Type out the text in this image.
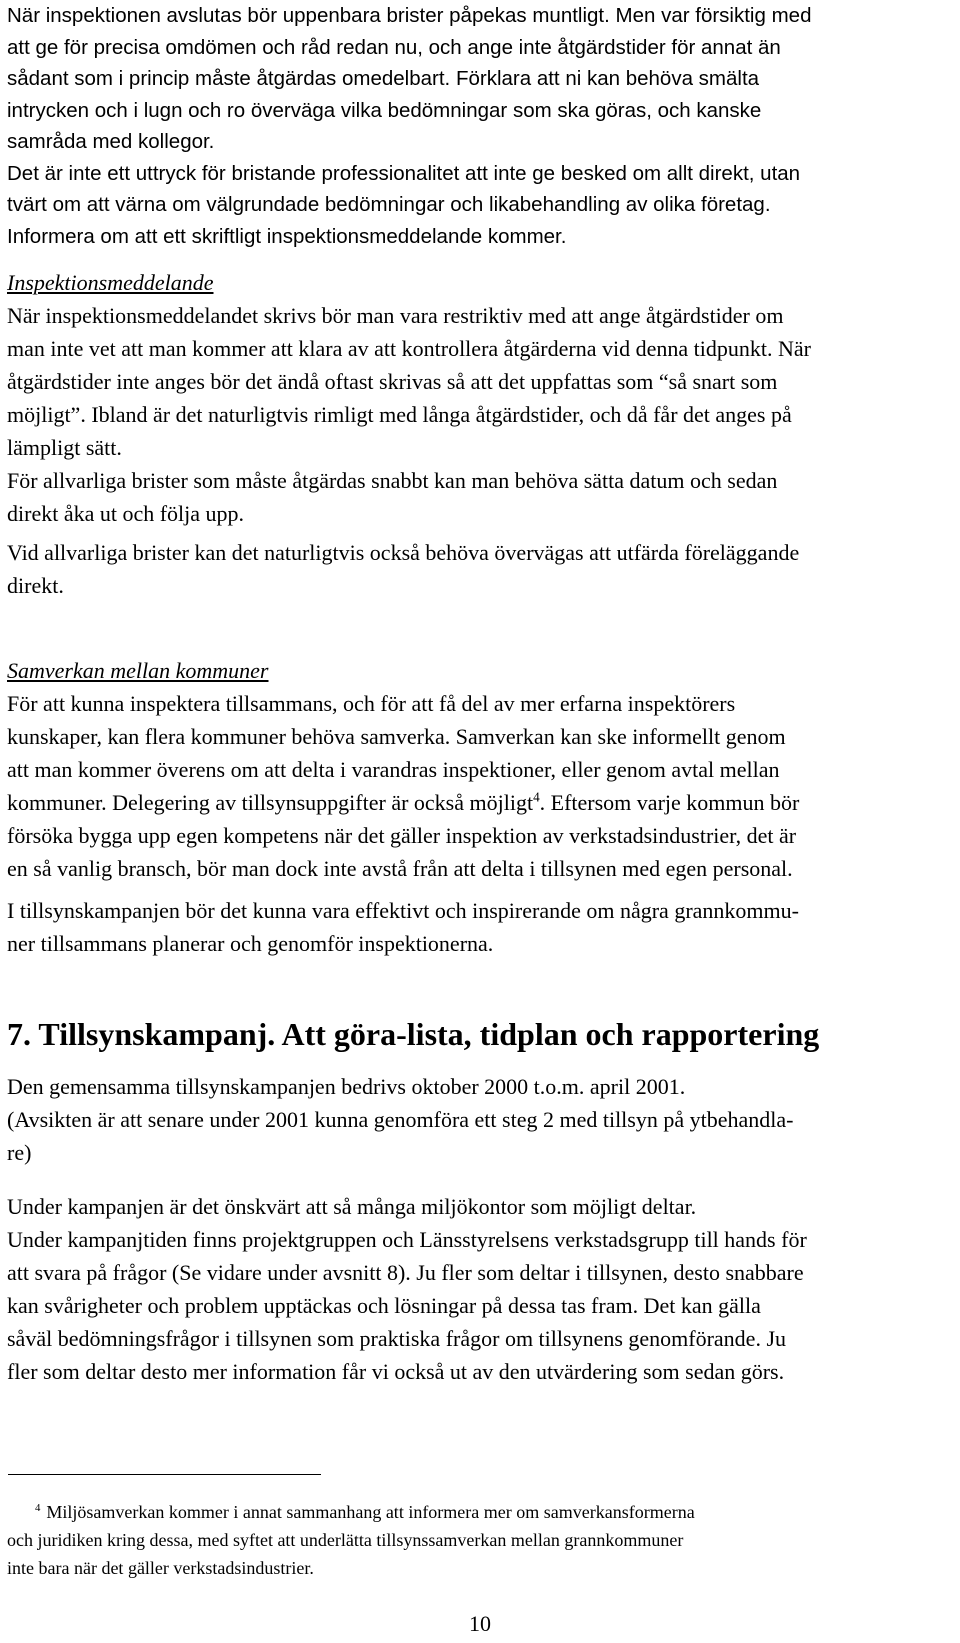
När inspektionen avslutas bör uppenbara brister påpekas muntligt. Men var försiktig med
att ge för precisa omdömen och råd redan nu, och ange inte åtgärdstider för annat än
sådant som i princip måste åtgärdas omedelbart. Förklara att ni kan behöva smälta
intrycken och i lugn och ro överväga vilka bedömningar som ska göras, och kanske
samråda med kollegor.
Det är inte ett uttryck för bristande professionalitet att inte ge besked om allt direkt, utan
tvärt om att värna om välgrundade bedömningar och likabehandling av olika företag.
Informera om att ett skriftligt inspektionsmeddelande kommer.
Inspektionsmeddelande
När inspektionsmeddelandet skrivs bör man vara restriktiv med att ange åtgärdstider om
man inte vet att man kommer att klara av att kontrollera åtgärderna vid denna tidpunkt. När
åtgärdstider inte anges bör det ändå oftast skrivas så att det uppfattas som “så snart som
möjligt”. Ibland är det naturligtvis rimligt med långa åtgärdstider, och då får det anges på
lämpligt sätt.
För allvarliga brister som måste åtgärdas snabbt kan man behöva sätta datum och sedan
direkt åka ut och följa upp.
Vid allvarliga brister kan det naturligtvis också behöva övervägas att utfärda föreläggande
direkt.
Samverkan mellan kommuner
För att kunna inspektera tillsammans, och för att få del av mer erfarna inspektörers
kunskaper, kan flera kommuner behöva samverka. Samverkan kan ske informellt genom
att man kommer överens om att delta i varandras inspektioner, eller genom avtal mellan
kommuner. Delegering av tillsynsuppgifter är också möjligt$^4$. Eftersom varje kommun bör
försöka bygga upp egen kompetens när det gäller inspektion av verkstadsindustrier, det är
en så vanlig bransch, bör man dock inte avstå från att delta i tillsynen med egen personal.
I tillsynskampanjen bör det kunna vara effektivt och inspirerande om några grannkommu-
ner tillsammans planerar och genomför inspektionerna.
7. Tillsynskampanj. Att göra-lista, tidplan och rapportering
Den gemensamma tillsynskampanjen bedrivs oktober 2000 t.o.m. april 2001.
(Avsikten är att senare under 2001 kunna genomföra ett steg 2 med tillsyn på ytbehandla-
re)
Under kampanjen är det önskvärt att så många miljökontor som möjligt deltar.
Under kampanjtiden finns projektgruppen och Länsstyrelsens verkstadsgrupp till hands för
att svara på frågor (Se vidare under avsnitt 8). Ju fler som deltar i tillsynen, desto snabbare
kan svårigheter och problem upptäckas och lösningar på dessa tas fram. Det kan gälla
såväl bedömningsfrågor i tillsynen som praktiska frågor om tillsynens genomförande. Ju
fler som deltar desto mer information får vi också ut av den utvärdering som sedan görs.
$^4$ Miljösamverkan kommer i annat sammanhang att informera mer om samverkansformerna
och juridiken kring dessa, med syftet att underlätta tillsynssamverkan mellan grannkommuner
inte bara när det gäller verkstadsindustrier.
10
